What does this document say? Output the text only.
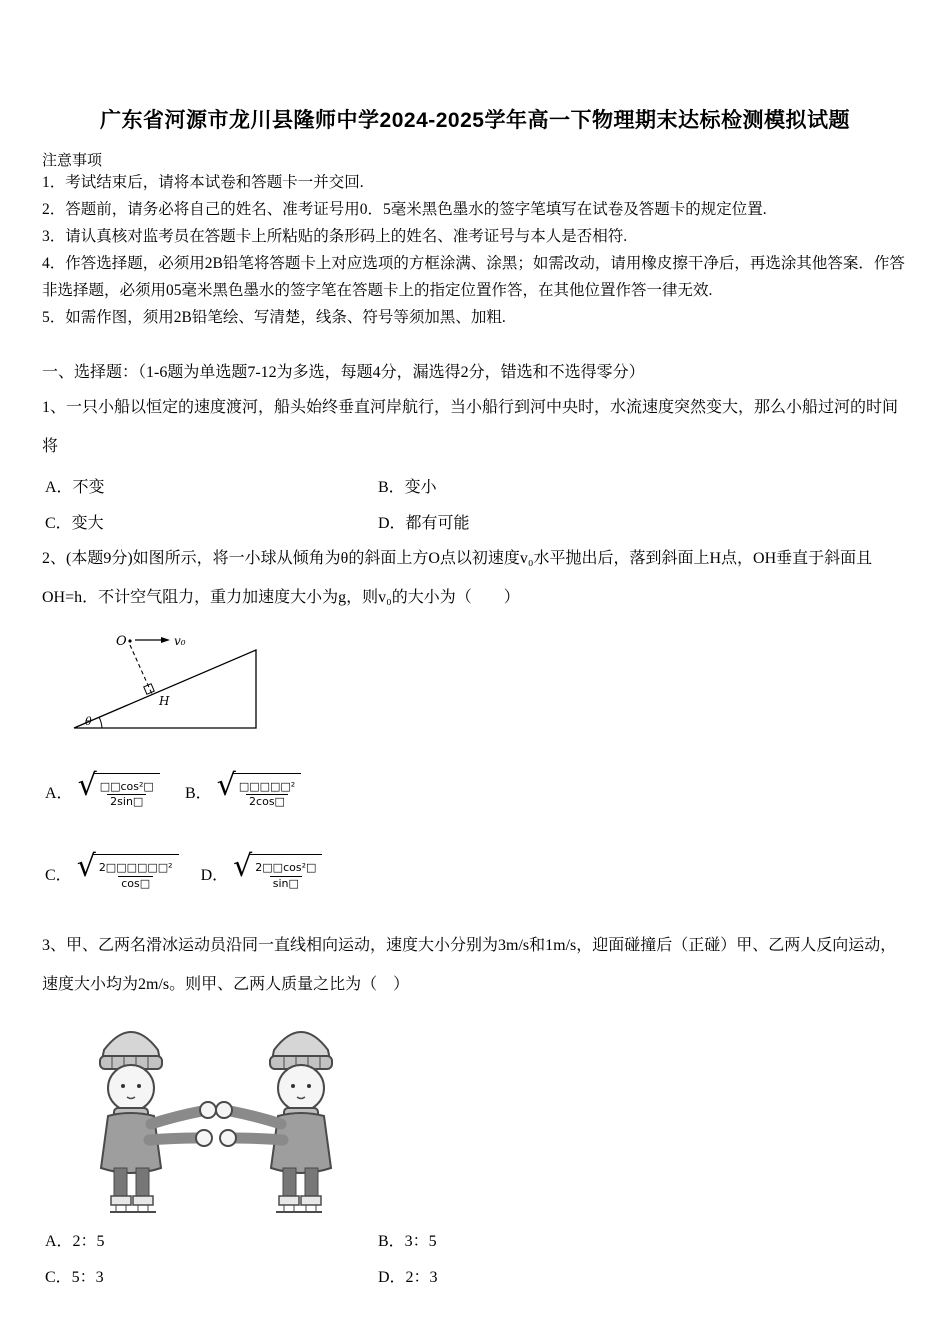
广东省河源市龙川县隆师中学2024-2025学年高一下物理期末达标检测模拟试题
注意事项

1．考试结束后，请将本试卷和答题卡一并交回.

2．答题前，请务必将自己的姓名、准考证号用0．5毫米黑色墨水的签字笔填写在试卷及答题卡的规定位置.

3．请认真核对监考员在答题卡上所粘贴的条形码上的姓名、准考证号与本人是否相符.

4．作答选择题，必须用2B铅笔将答题卡上对应选项的方框涂满、涂黑；如需改动，请用橡皮擦干净后，再选涂其他答案．作答非选择题，必须用05毫米黑色墨水的签字笔在答题卡上的指定位置作答，在其他位置作答一律无效.

5．如需作图，须用2B铅笔绘、写清楚，线条、符号等须加黑、加粗.

一、选择题：（1-6题为单选题7-12为多选，每题4分，漏选得2分，错选和不选得零分）

1、一只小船以恒定的速度渡河，船头始终垂直河岸航行，当小船行到河中央时，水流速度突然变大，那么小船过河的时间将

A．不变	B．变小
C．变大	D．都有可能

2、(本题9分)如图所示，将一小球从倾角为θ的斜面上方O点以初速度v₀水平抛出后，落到斜面上H点，OH垂直于斜面且OH=h．不计空气阻力，重力加速度大小为g，则v₀的大小为（　　）

O	v₀
H
θ
A． √ $\frac{\text{□□cos²□}}{2\sin□}$ B． √ $\frac{\text{□□□□□²}}{2\cos□}$
C． √ $\frac{\text{2□□□□□□²}}{\cos□}$ D． √ $\frac{\text{2□□cos²□}}{\sin□}$

3、甲、乙两名滑冰运动员沿同一直线相向运动，速度大小分别为3m/s和1m/s，迎面碰撞后（正碰）甲、乙两人反向运动，速度大小均为2m/s。则甲、乙两人质量之比为（　）

A．2：5	B．3：5
C．5：3	D．2：3
